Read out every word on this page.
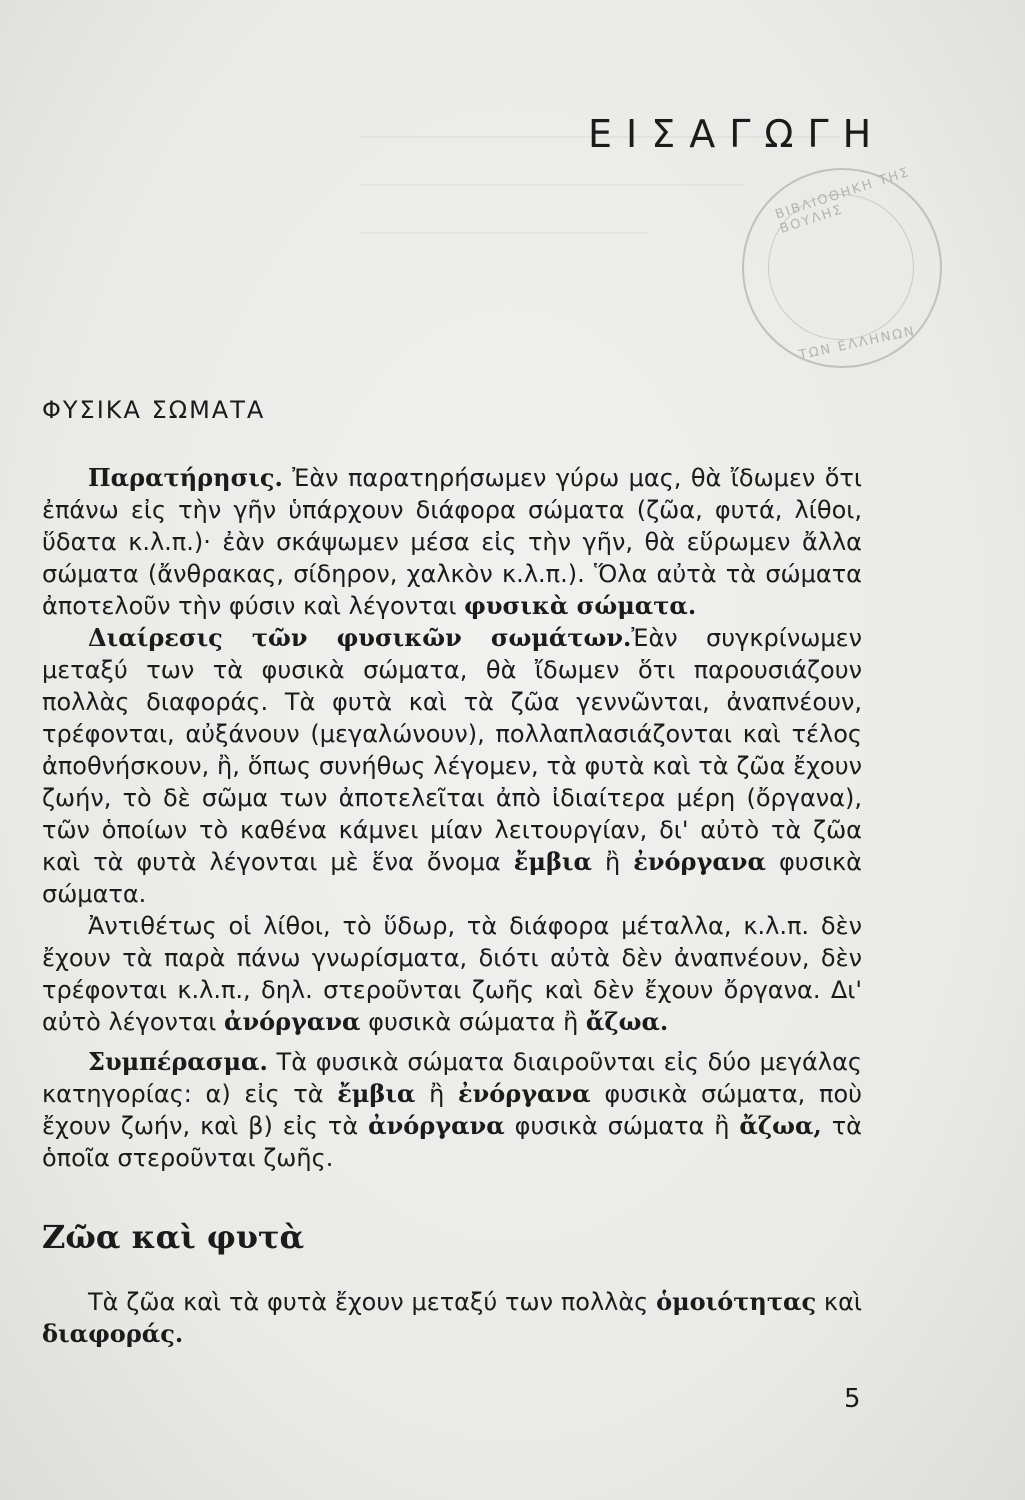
ΕΙΣΑΓΩΓΗ
ΒΙΒΛΙΟΘΗΚΗ ΤΗΣ ΒΟΥΛΗΣ
ΤΩΝ ΕΛΛΗΝΩΝ
ΦΥΣΙΚΑ ΣΩΜΑΤΑ

Παρατήρησις. Ἐὰν παρατηρήσωμεν γύρω μας, θὰ ἴδωμεν ὅτι ἐπάνω εἰς τὴν γῆν ὑπάρχουν διάφορα σώματα (ζῶα, φυτά, λίθοι, ὕδατα κ.λ.π.)· ἐὰν σκάψωμεν μέσα εἰς τὴν γῆν, θὰ εὕρωμεν ἄλλα σώματα (ἄνθρακας, σίδηρον, χαλκὸν κ.λ.π.). Ὅλα αὐτὰ τὰ σώματα ἀποτελοῦν τὴν φύσιν καὶ λέγονται φυσικὰ σώματα.

Διαίρεσις τῶν φυσικῶν σωμάτων.Ἐὰν συγκρίνωμεν μεταξύ των τὰ φυσικὰ σώματα, θὰ ἴδωμεν ὅτι παρουσιάζουν πολλὰς διαφοράς. Τὰ φυτὰ καὶ τὰ ζῶα γεννῶνται, ἀναπνέουν, τρέφονται, αὐξάνουν (μεγαλώνουν), πολλαπλασιάζονται καὶ τέλος ἀποθνήσκουν, ἢ, ὅπως συνήθως λέγομεν, τὰ φυτὰ καὶ τὰ ζῶα ἔχουν ζωήν, τὸ δὲ σῶμα των ἀποτελεῖται ἀπὸ ἰδιαίτερα μέρη (ὄργανα), τῶν ὁποίων τὸ καθένα κάμνει μίαν λειτουργίαν, δι' αὐτὸ τὰ ζῶα καὶ τὰ φυτὰ λέγονται μὲ ἕνα ὄνομα ἔμβια ἢ ἐνόργανα φυσικὰ σώματα.

Ἀντιθέτως οἱ λίθοι, τὸ ὕδωρ, τὰ διάφορα μέταλλα, κ.λ.π. δὲν ἔχουν τὰ παρὰ πάνω γνωρίσματα, διότι αὐτὰ δὲν ἀναπνέουν, δὲν τρέφονται κ.λ.π., δηλ. στεροῦνται ζωῆς καὶ δὲν ἔχουν ὄργανα. Δι' αὐτὸ λέγονται ἀνόργανα φυσικὰ σώματα ἢ ἄζωα.

Συμπέρασμα. Τὰ φυσικὰ σώματα διαιροῦνται εἰς δύο μεγάλας κατηγορίας: α) εἰς τὰ ἔμβια ἢ ἐνόργανα φυσικὰ σώματα, ποὺ ἔχουν ζωήν, καὶ β) εἰς τὰ ἀνόργανα φυσικὰ σώματα ἢ ἄζωα, τὰ ὁποῖα στεροῦνται ζωῆς.

Ζῶα καὶ φυτὰ

Τὰ ζῶα καὶ τὰ φυτὰ ἔχουν μεταξύ των πολλὰς ὁμοιότητας καὶ διαφοράς.

5
